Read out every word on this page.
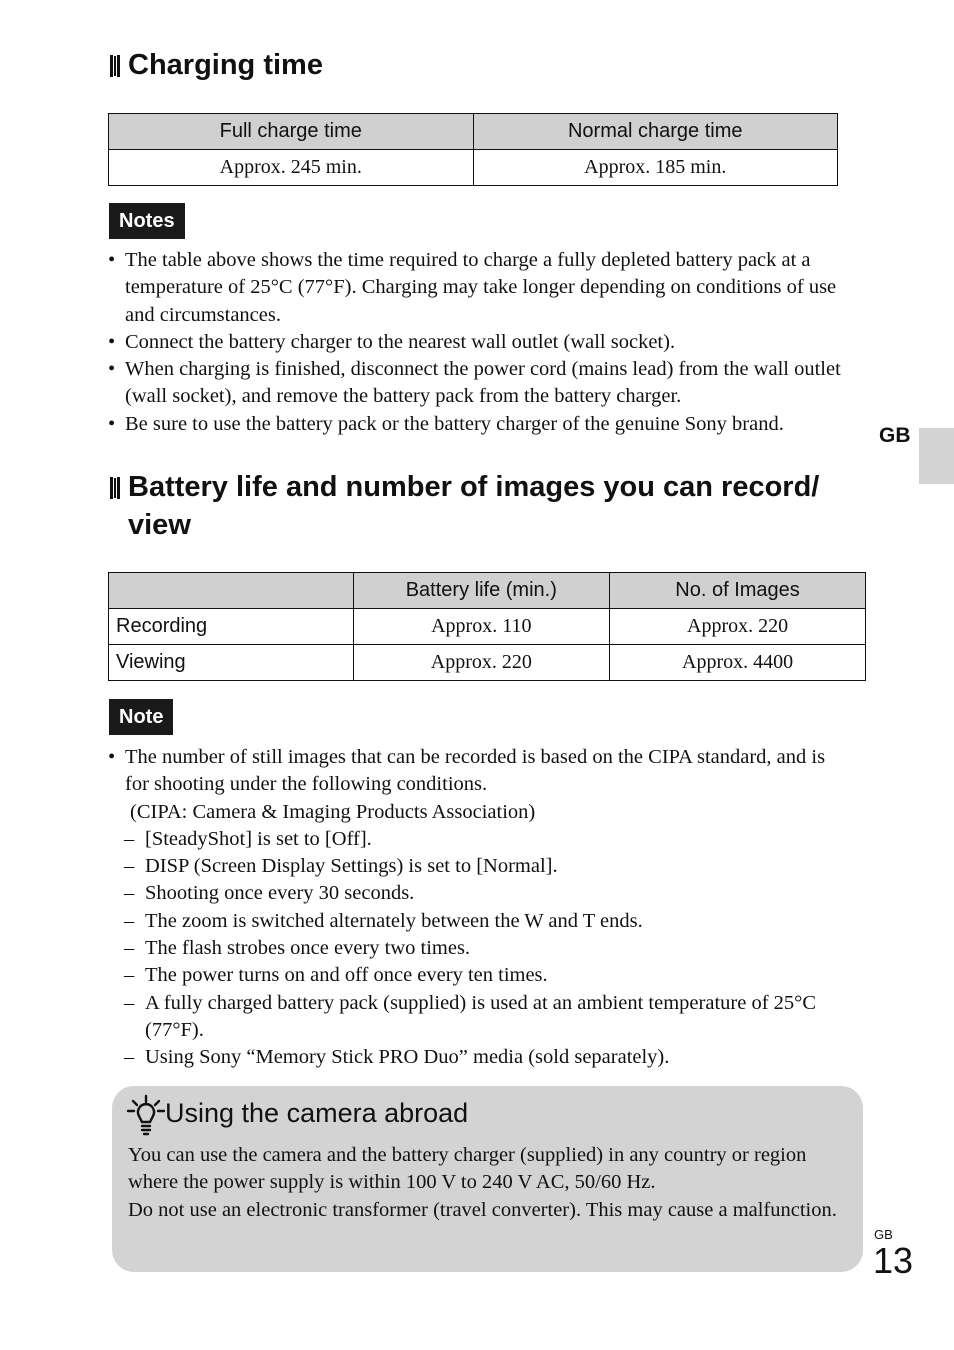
Charging time
Full charge time	Normal charge time
Approx. 245 min.	Approx. 185 min.
Notes
• The table above shows the time required to charge a fully depleted battery pack at a temperature of 25°C (77°F). Charging may take longer depending on conditions of use and circumstances.
• Connect the battery charger to the nearest wall outlet (wall socket).
• When charging is finished, disconnect the power cord (mains lead) from the wall outlet (wall socket), and remove the battery pack from the battery charger.
• Be sure to use the battery pack or the battery charger of the genuine Sony brand.
GB
Battery life and number of images you can record/
view
	Battery life (min.)	No. of Images
Recording	Approx. 110	Approx. 220
Viewing	Approx. 220	Approx. 4400
Note
• The number of still images that can be recorded is based on the CIPA standard, and is for shooting under the following conditions.
(CIPA: Camera & Imaging Products Association)
– [SteadyShot] is set to [Off].
– DISP (Screen Display Settings) is set to [Normal].
– Shooting once every 30 seconds.
– The zoom is switched alternately between the W and T ends.
– The flash strobes once every two times.
– The power turns on and off once every ten times.
– A fully charged battery pack (supplied) is used at an ambient temperature of 25°C (77°F).
– Using Sony “Memory Stick PRO Duo” media (sold separately).
Using the camera abroad
You can use the camera and the battery charger (supplied) in any country or region where the power supply is within 100 V to 240 V AC, 50/60 Hz.
Do not use an electronic transformer (travel converter). This may cause a malfunction.
GB
13
